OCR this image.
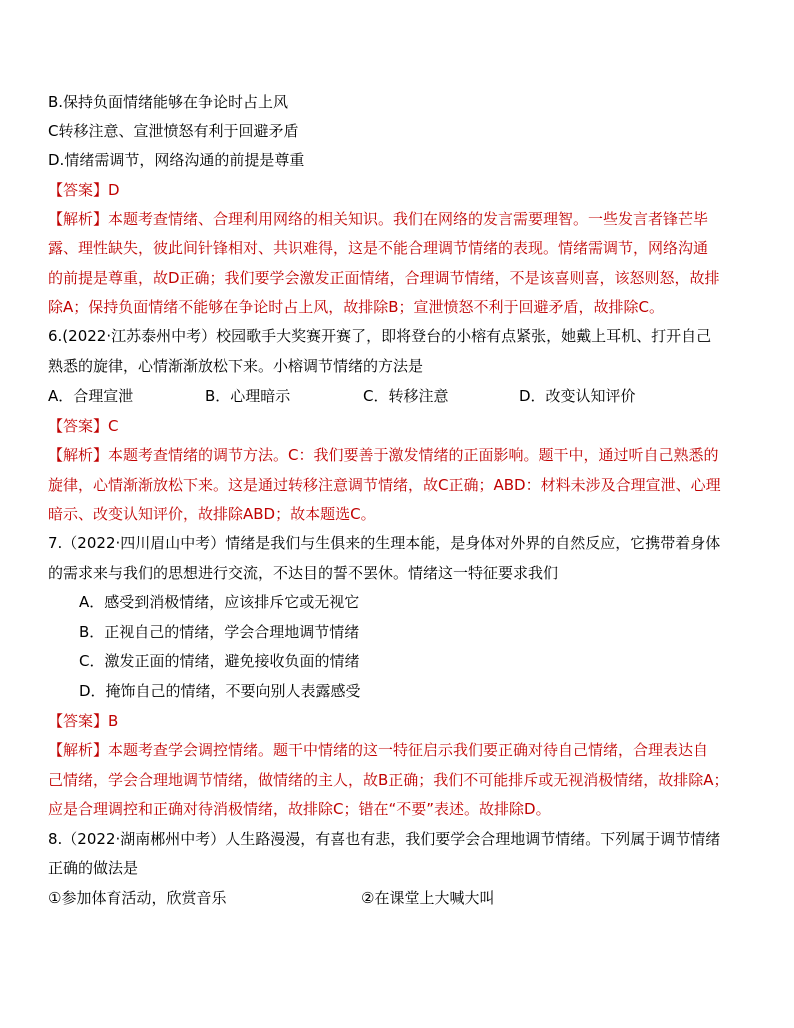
B.保持负面情绪能够在争论时占上风
C转移注意、宣泄愤怒有利于回避矛盾
D.情绪需调节，网络沟通的前提是尊重
【答案】D
【解析】本题考查情绪、合理利用网络的相关知识。我们在网络的发言需要理智。一些发言者锋芒毕
露、理性缺失，彼此间针锋相对、共识难得，这是不能合理调节情绪的表现。情绪需调节，网络沟通
的前提是尊重，故D正确；我们要学会激发正面情绪，合理调节情绪，不是该喜则喜，该怒则怒，故排
除A；保持负面情绪不能够在争论时占上风，故排除B；宣泄愤怒不利于回避矛盾，故排除C。
6.(2022·江苏泰州中考）校园歌手大奖赛开赛了，即将登台的小榕有点紧张，她戴上耳机、打开自己
熟悉的旋律，心情渐渐放松下来。小榕调节情绪的方法是
A．合理宣泄	B．心理暗示	C．转移注意	D．改变认知评价
【答案】C
【解析】本题考查情绪的调节方法。C：我们要善于激发情绪的正面影响。题干中，通过听自己熟悉的
旋律，心情渐渐放松下来。这是通过转移注意调节情绪，故C正确；ABD：材料未涉及合理宣泄、心理
暗示、改变认知评价，故排除ABD；故本题选C。
7.（2022·四川眉山中考）情绪是我们与生俱来的生理本能，是身体对外界的自然反应，它携带着身体
的需求来与我们的思想进行交流，不达目的誓不罢休。情绪这一特征要求我们
A．感受到消极情绪，应该排斥它或无视它
B．正视自己的情绪，学会合理地调节情绪
C．激发正面的情绪，避免接收负面的情绪
D．掩饰自己的情绪，不要向别人表露感受
【答案】B
【解析】本题考查学会调控情绪。题干中情绪的这一特征启示我们要正确对待自己情绪，合理表达自
己情绪，学会合理地调节情绪，做情绪的主人，故B正确；我们不可能排斥或无视消极情绪，故排除A；
应是合理调控和正确对待消极情绪，故排除C；错在“不要”表述。故排除D。
8.（2022·湖南郴州中考）人生路漫漫，有喜也有悲，我们要学会合理地调节情绪。下列属于调节情绪
正确的做法是
①参加体育活动，欣赏音乐	②在课堂上大喊大叫
